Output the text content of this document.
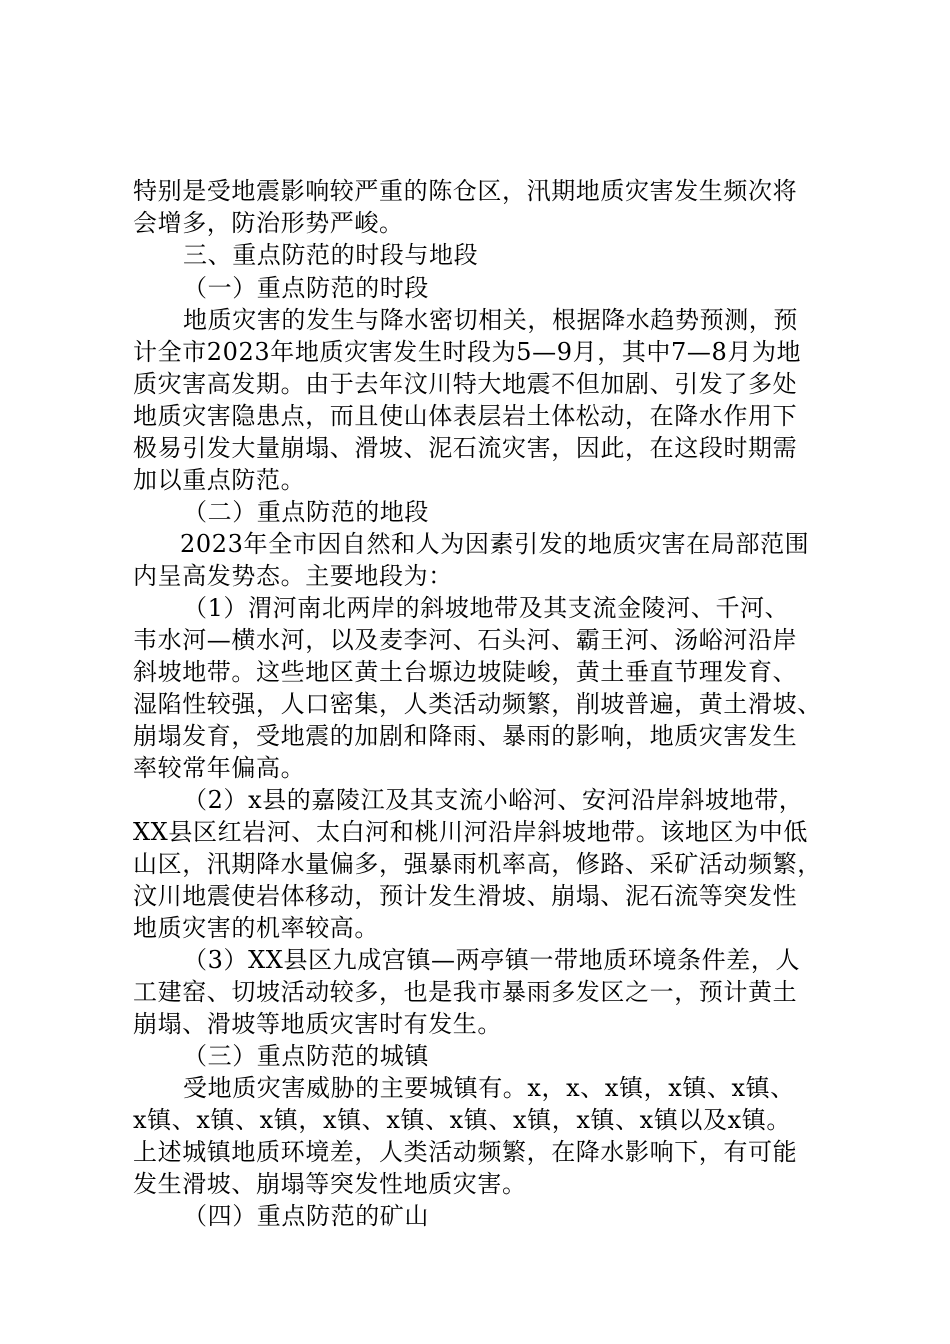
特别是受地震影响较严重的陈仓区，汛期地质灾害发生频次将
会增多，防治形势严峻。
三、重点防范的时段与地段
（一）重点防范的时段
地质灾害的发生与降水密切相关，根据降水趋势预测，预
计全市2023年地质灾害发生时段为5—9月，其中7—8月为地
质灾害高发期。由于去年汶川特大地震不但加剧、引发了多处
地质灾害隐患点，而且使山体表层岩土体松动，在降水作用下
极易引发大量崩塌、滑坡、泥石流灾害，因此，在这段时期需
加以重点防范。
（二）重点防范的地段
2023年全市因自然和人为因素引发的地质灾害在局部范围
内呈高发势态。主要地段为：
（1）渭河南北两岸的斜坡地带及其支流金陵河、千河、
韦水河—横水河，以及麦李河、石头河、霸王河、汤峪河沿岸
斜坡地带。这些地区黄土台塬边坡陡峻，黄土垂直节理发育、
湿陷性较强，人口密集，人类活动频繁，削坡普遍，黄土滑坡、
崩塌发育，受地震的加剧和降雨、暴雨的影响，地质灾害发生
率较常年偏高。
（2）x县的嘉陵江及其支流小峪河、安河沿岸斜坡地带，
XX县区红岩河、太白河和桃川河沿岸斜坡地带。该地区为中低
山区，汛期降水量偏多，强暴雨机率高，修路、采矿活动频繁，
汶川地震使岩体移动，预计发生滑坡、崩塌、泥石流等突发性
地质灾害的机率较高。
（3）XX县区九成宫镇—两亭镇一带地质环境条件差，人
工建窑、切坡活动较多，也是我市暴雨多发区之一，预计黄土
崩塌、滑坡等地质灾害时有发生。
（三）重点防范的城镇
受地质灾害威胁的主要城镇有。x，x、x镇，x镇、x镇、
x镇、x镇、x镇，x镇、x镇、x镇、x镇，x镇、x镇以及x镇。
上述城镇地质环境差，人类活动频繁，在降水影响下，有可能
发生滑坡、崩塌等突发性地质灾害。
（四）重点防范的矿山
